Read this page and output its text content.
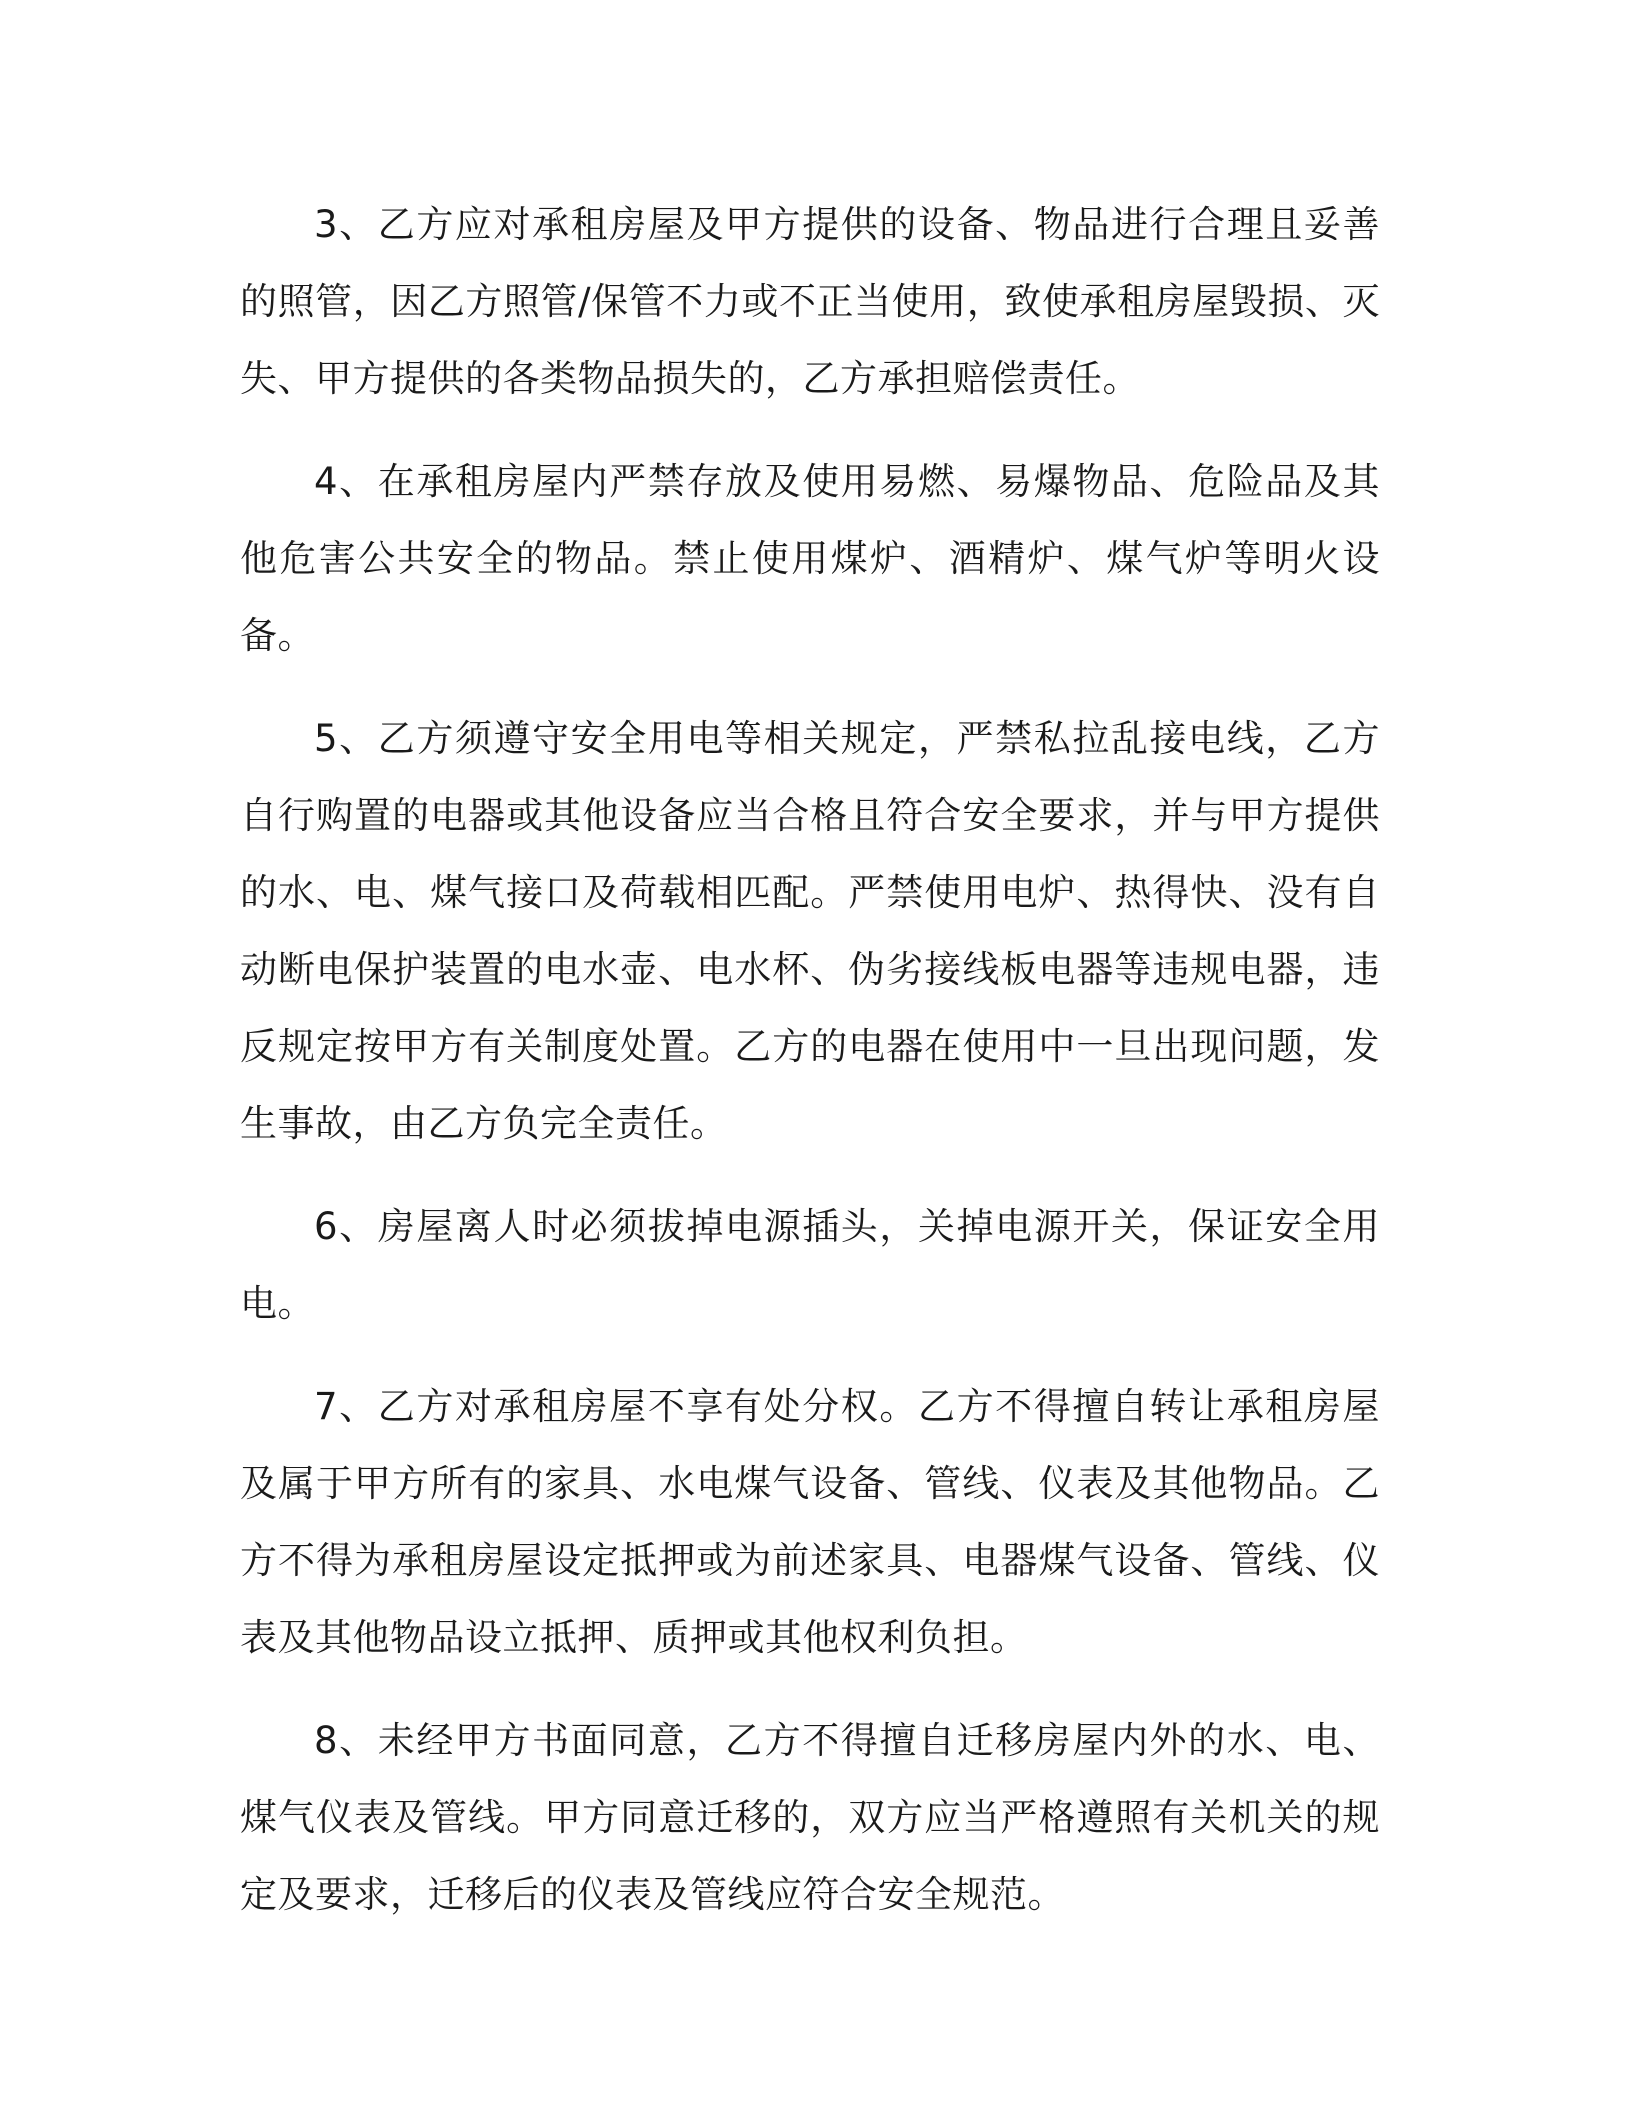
3、乙方应对承租房屋及甲方提供的设备、物品进行合理且妥善的照管，因乙方照管/保管不力或不正当使用，致使承租房屋毁损、灭失、甲方提供的各类物品损失的，乙方承担赔偿责任。

4、在承租房屋内严禁存放及使用易燃、易爆物品、危险品及其他危害公共安全的物品。禁止使用煤炉、酒精炉、煤气炉等明火设备。

5、乙方须遵守安全用电等相关规定，严禁私拉乱接电线，乙方自行购置的电器或其他设备应当合格且符合安全要求，并与甲方提供的水、电、煤气接口及荷载相匹配。严禁使用电炉、热得快、没有自动断电保护装置的电水壶、电水杯、伪劣接线板电器等违规电器，违反规定按甲方有关制度处置。乙方的电器在使用中一旦出现问题，发生事故，由乙方负完全责任。

6、房屋离人时必须拔掉电源插头，关掉电源开关，保证安全用电。

7、乙方对承租房屋不享有处分权。乙方不得擅自转让承租房屋及属于甲方所有的家具、水电煤气设备、管线、仪表及其他物品。乙方不得为承租房屋设定抵押或为前述家具、电器煤气设备、管线、仪表及其他物品设立抵押、质押或其他权利负担。

8、未经甲方书面同意，乙方不得擅自迁移房屋内外的水、电、煤气仪表及管线。甲方同意迁移的，双方应当严格遵照有关机关的规定及要求，迁移后的仪表及管线应符合安全规范。
